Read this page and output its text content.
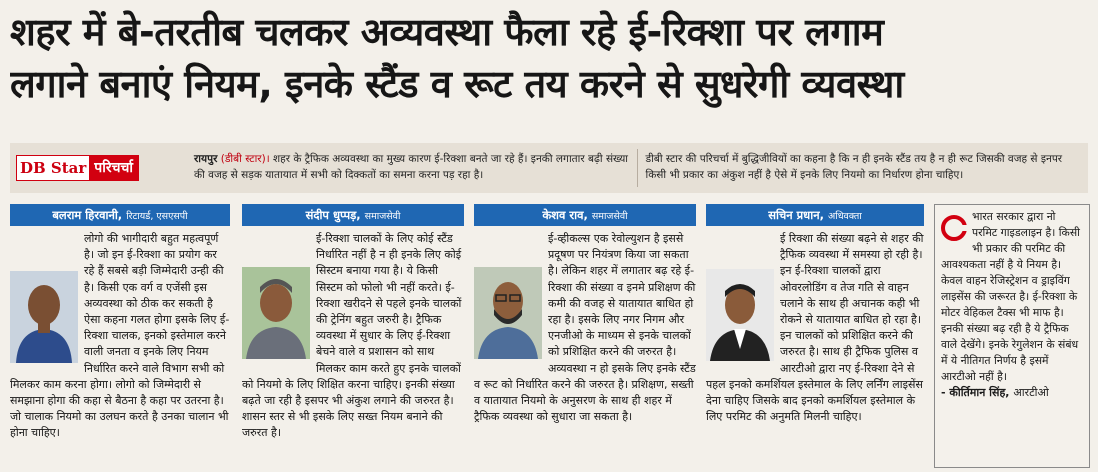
शहर में बे-तरतीब चलकर अव्यवस्था फैला रहे ई-रिक्शा पर लगाम
लगाने बनाएं नियम, इनके स्टैंड व रूट तय करने से सुधरेगी व्यवस्था
DB Star परिचर्चा
रायपुर (डीबी स्टार)। शहर के ट्रैफिक अव्यवस्था का मुख्य कारण ई-रिक्शा बनते जा रहे हैं। इनकी लगातार बढ़ी संख्या की वजह से सड़क यातायात में सभी को दिक्कतों का समना करना पड़ रहा है।
डीबी स्टार की परिचर्चा में बुद्धिजीवियों का कहना है कि न ही इनके स्टैंड तय है न ही रूट जिसकी वजह से इनपर किसी भी प्रकार का अंकुश नहीं है ऐसे में इनके लिए नियमो का निर्धारण होना चाहिए।
बलराम हिरवानी, रिटायर्ड, एसएसपी
लोगो की भागीदारी बहुत महत्वपूर्ण है। जो इन ई-रिक्शा का प्रयोग कर रहे हैं सबसे बड़ी जिम्मेदारी उन्ही की है। किसी एक वर्ग व एजेंसी इस अव्यवस्था को ठीक कर सकती है ऐसा कहना गलत होगा इसके लिए ई-रिक्शा चालक, इनको इस्तेमाल करने वाली जनता व इनके लिए नियम निर्धारित करने वाले विभाग सभी को मिलकर काम करना होगा। लोगो को जिम्मेदारी से समझाना होगा की कहा से बैठना है कहा पर उतरना है। जो चालाक नियमो का उलघन करते है उनका चालान भी होना चाहिए।
संदीप धुप्पड़, समाजसेवी
ई-रिक्शा चालकों के लिए कोई स्टैंड निर्धारित नहीं है न ही इनके लिए कोई सिस्टम बनाया गया है। ये किसी सिस्टम को फोलो भी नहीं करते। ई-रिक्शा खरीदने से पहले इनके चालकों की ट्रेनिंग बहुत जरुरी है। ट्रैफिक व्यवस्था में सुधार के लिए ई-रिक्शा बेचने वाले व प्रशासन को साथ मिलकर काम करते हुए इनके चालकों को नियमो के लिए शिक्षित करना चाहिए। इनकी संख्या बढ़ते जा रही है इसपर भी अंकुश लगाने की जरुरत है। शासन स्तर से भी इसके लिए सख्त नियम बनाने की जरुरत है।
केशव राव, समाजसेवी
ई-व्हीकल्स एक रेवोल्युशन है इससे प्रदूषण पर नियंत्रण किया जा सकता है। लेकिन शहर में लगातार बढ़ रहे ई-रिक्शा की संख्या व इनमे प्रशिक्षण की कमी की वजह से यातायात बाधित हो रहा है। इसके लिए नगर निगम और एनजीओ के माध्यम से इनके चालकों को प्रशिक्षित करने की जरुरत है। अव्यवस्था न हो इसके लिए इनके स्टैंड व रूट को निर्धारित करने की जरुरत है। प्रशिक्षण, सख्ती व यातायात नियमो के अनुसरण के साथ ही शहर में ट्रैफिक व्यवस्था को सुधारा जा सकता है।
सचिन प्रधान, अधिवक्ता
ई रिक्शा की संख्या बढ़ने से शहर की ट्रैफिक व्यवस्था में समस्या हो रही है। इन ई-रिक्शा चालकों द्वारा ओवरलोडिंग व तेज गति से वाहन चलाने के साथ ही अचानक कही भी रोकने से यातायात बाधित हो रहा है। इन चालकों को प्रशिक्षित करने की जरुरत है। साथ ही ट्रैफिक पुलिस व आरटीओ द्वारा नए ई-रिक्शा देने से पहल इनको कमर्शियल इस्तेमाल के लिए लर्निंग लाइसेंस देना चाहिए जिसके बाद इनको कमर्शियल इस्तेमाल के लिए परमिट की अनुमति मिलनी चाहिए।
भारत सरकार द्वारा नो परमिट गाइडलाइन है। किसी भी प्रकार की परमिट की आवश्यकता नहीं है ये नियम है। केवल वाहन रेजिस्ट्रेशन व ड्राइविंग लाइसेंस की जरूरत है। ई-रिक्शा के मोटर वेहिकल टैक्स भी माफ है। इनकी संख्या बढ़ रही है ये ट्रैफिक वाले देखेंगे। इनके रेगुलेशन के संबंध में ये नीतिगत निर्णय है इसमें आरटीओ नहीं है।
- कीर्तिमान सिंह, आरटीओ
